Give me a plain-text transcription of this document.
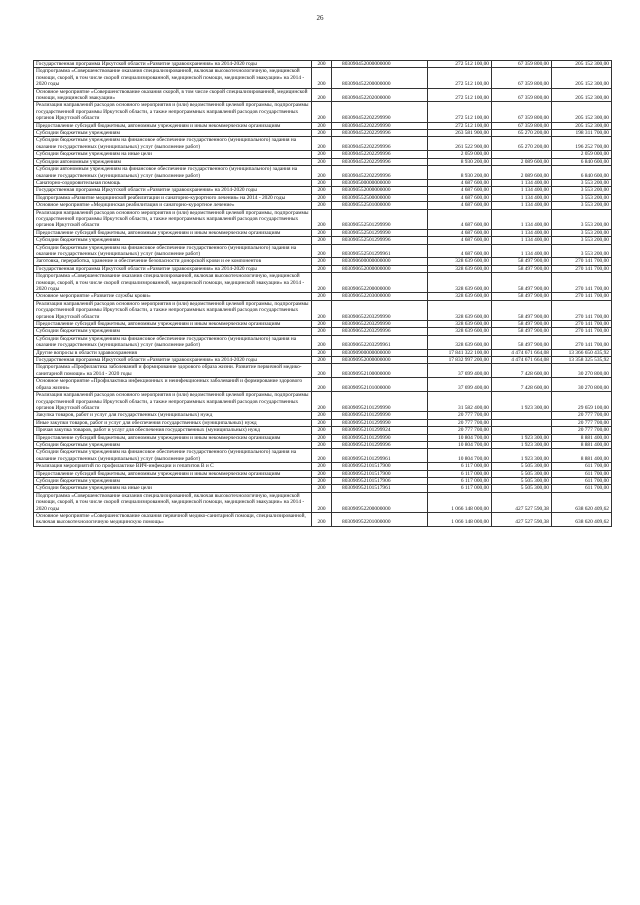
26
Государственная программа Иркутской области «Развитие здравоохранения» на 2014-2020 годы	200	803090452000000000	272 512 100,00	67 359 800,00	205 152 300,00
Подпрограмма «Совершенствование оказания специализированной, включая высокотехнологичную, медицинской помощи, скорой, в том числе скорой специализированной, медицинской помощи, медицинской эвакуации» на 2014 - 2020 годы	200	803090452200000000	272 512 100,00	67 359 800,00	205 152 300,00
Основное мероприятие «Совершенствование оказания скорой, в том числе скорой специализированной, медицинской помощи, медицинской эвакуации»	200	803090452202000000	272 512 100,00	67 359 800,00	205 152 300,00
Реализация направлений расходов основного мероприятия и (или) ведомственной целевой программы, подпрограммы государственной программы Иркутской области, а также непрограммных направлений расходов государственных органов Иркутской области	200	803090452202299990	272 512 100,00	67 359 800,00	205 152 300,00
Предоставление субсидий бюджетным, автономным учреждениям и иным некоммерческим организациям	200	803090452202299990	272 512 100,00	67 359 800,00	205 152 300,00
Субсидии бюджетным учреждениям	200	803090452202299996	263 581 900,00	65 270 200,00	198 311 700,00
Субсидии бюджетным учреждениям на финансовое обеспечение государственного (муниципального) задания на оказание государственных (муниципальных) услуг (выполнение работ)	200	803090452202299996	261 522 900,00	65 270 200,00	196 252 700,00
Субсидии бюджетным учреждениям на иные цели	200	803090452202299996	2 059 000,00		2 059 000,00
Субсидии автономным учреждениям	200	803090452202299996	8 930 200,00	2 089 600,00	6 840 600,00
Субсидии автономным учреждениям на финансовое обеспечение государственного (муниципального) задания на оказание государственных (муниципальных) услуг (выполнение работ)	200	803090452202299996	8 930 200,00	2 089 600,00	6 840 600,00
Санаторно-оздоровительная помощь	200	803090500000000000	4 687 600,00	1 134 400,00	3 553 200,00
Государственная программа Иркутской области «Развитие здравоохранения» на 2014-2020 годы	200	803090552000000000	4 687 600,00	1 134 400,00	3 553 200,00
Подпрограмма «Развитие медицинской реабилитации и санаторно-курортного лечения» на 2014 - 2020 годы	200	803090552500000000	4 687 600,00	1 134 400,00	3 553 200,00
Основное мероприятие «Медицинская реабилитация и санаторно-курортное лечение»	200	803090552501000000	4 687 600,00	1 134 400,00	3 553 200,00
Реализация направлений расходов основного мероприятия и (или) ведомственной целевой программы, подпрограммы государственной программы Иркутской области, а также непрограммных направлений расходов государственных органов Иркутской области	200	803090552501299990	4 687 600,00	1 134 400,00	3 553 200,00
Предоставление субсидий бюджетным, автономным учреждениям и иным некоммерческим организациям	200	803090552501299990	4 687 600,00	1 134 400,00	3 553 200,00
Субсидии бюджетным учреждениям	200	803090552501299996	4 687 600,00	1 134 400,00	3 553 200,00
Субсидии бюджетным учреждениям на финансовое обеспечение государственного (муниципального) задания на оказание государственных (муниципальных) услуг (выполнение работ)	200	803090552501299961	4 687 600,00	1 134 400,00	3 553 200,00
Заготовка, переработка, хранение и обеспечение безопасности донорской крови и ее компонентов	200	803090600000000000	328 639 600,00	58 497 900,00	270 141 700,00
Государственная программа Иркутской области «Развитие здравоохранения» на 2014-2020 годы	200	803090652000000000	328 639 600,00	58 497 900,00	270 141 700,00
Подпрограмма «Совершенствование оказания специализированной, включая высокотехнологичную, медицинской помощи, скорой, в том числе скорой специализированной, медицинской помощи, медицинской эвакуации» на 2014 - 2020 годы	200	803090652200000000	328 639 600,00	58 497 900,00	270 141 700,00
Основное мероприятие «Развитие службы крови»	200	803090652203000000	328 639 600,00	58 497 900,00	270 141 700,00
Реализация направлений расходов основного мероприятия и (или) ведомственной целевой программы, подпрограммы государственной программы Иркутской области, а также непрограммных направлений расходов государственных органов Иркутской области	200	803090652203299990	328 639 600,00	58 497 900,00	270 141 700,00
Предоставление субсидий бюджетным, автономным учреждениям и иным некоммерческим организациям	200	803090652203299990	328 639 600,00	58 497 900,00	270 141 700,00
Субсидии бюджетным учреждениям	200	803090652203299996	328 639 600,00	58 497 900,00	270 141 700,00
Субсидии бюджетным учреждениям на финансовое обеспечение государственного (муниципального) задания на оказание государственных (муниципальных) услуг (выполнение работ)	200	803090652203299961	328 639 600,00	58 497 900,00	270 141 700,00
Другие вопросы в области здравоохранения	200	803090900000000000	17 841 322 100,00	4 474 671 664,08	13 366 650 435,92
Государственная программа Иркутской области «Развитие здравоохранения» на 2014-2020 годы	200	803090952000000000	17 832 997 200,00	4 474 671 664,08	13 358 325 535,92
Подпрограмма «Профилактика заболеваний и формирование здорового образа жизни. Развитие первичной медико-санитарной помощи» на 2014 - 2020 годы	200	803090952100000000	37 699 400,00	7 428 600,00	30 270 800,00
Основное мероприятие «Профилактика инфекционных и неинфекционных заболеваний и формирование здорового образа жизни»	200	803090952101000000	37 699 400,00	7 428 600,00	30 270 800,00
Реализация направлений расходов основного мероприятия и (или) ведомственной целевой программы, подпрограммы государственной программы Иркутской области, а также непрограммных направлений расходов государственных органов Иркутской области	200	803090952101299990	31 582 400,00	1 923 300,00	29 659 100,00
Закупка товаров, работ и услуг для государственных (муниципальных) нужд	200	803090952101299990	20 777 700,00		20 777 700,00
Иные закупки товаров, работ и услуг для обеспечения государственных (муниципальных) нужд	200	803090952101299990	20 777 700,00		20 777 700,00
Прочая закупка товаров, работ и услуг для обеспечения государственных (муниципальных) нужд	200	803090952101299924	20 777 700,00		20 777 700,00
Предоставление субсидий бюджетным, автономным учреждениям и иным некоммерческим организациям	200	803090952101299990	10 804 700,00	1 923 300,00	8 881 400,00
Субсидии бюджетным учреждениям	200	803090952101299996	10 804 700,00	1 923 300,00	8 881 400,00
Субсидии бюджетным учреждениям на финансовое обеспечение государственного (муниципального) задания на оказание государственных (муниципальных) услуг (выполнение работ)	200	803090952101299961	10 804 700,00	1 923 300,00	8 881 400,00
Реализация мероприятий по профилактике ВИЧ-инфекции и гепатитов В и С	200	803090952101517900	6 117 000,00	5 505 300,00	611 700,00
Предоставление субсидий бюджетным, автономным учреждениям и иным некоммерческим организациям	200	803090952101517900	6 117 000,00	5 505 300,00	611 700,00
Субсидии бюджетным учреждениям	200	803090952101517906	6 117 000,00	5 505 300,00	611 700,00
Субсидии бюджетным учреждениям на иные цели	200	803090952101517961	6 117 000,00	5 505 300,00	611 700,00
Подпрограмма «Совершенствование оказания специализированной, включая высокотехнологичную, медицинской помощи, скорой, в том числе скорой специализированной, медицинской помощи, медицинской эвакуации» на 2014 - 2020 годы	200	803090952200000000	1 066 148 000,00	427 527 590,38	638 620 409,62
Основное мероприятие «Совершенствование оказания первичной медико-санитарной помощи, специализированной, включая высокотехнологичную медицинскую помощь»	200	803090952201000000	1 066 148 000,00	427 527 590,38	638 620 409,62
